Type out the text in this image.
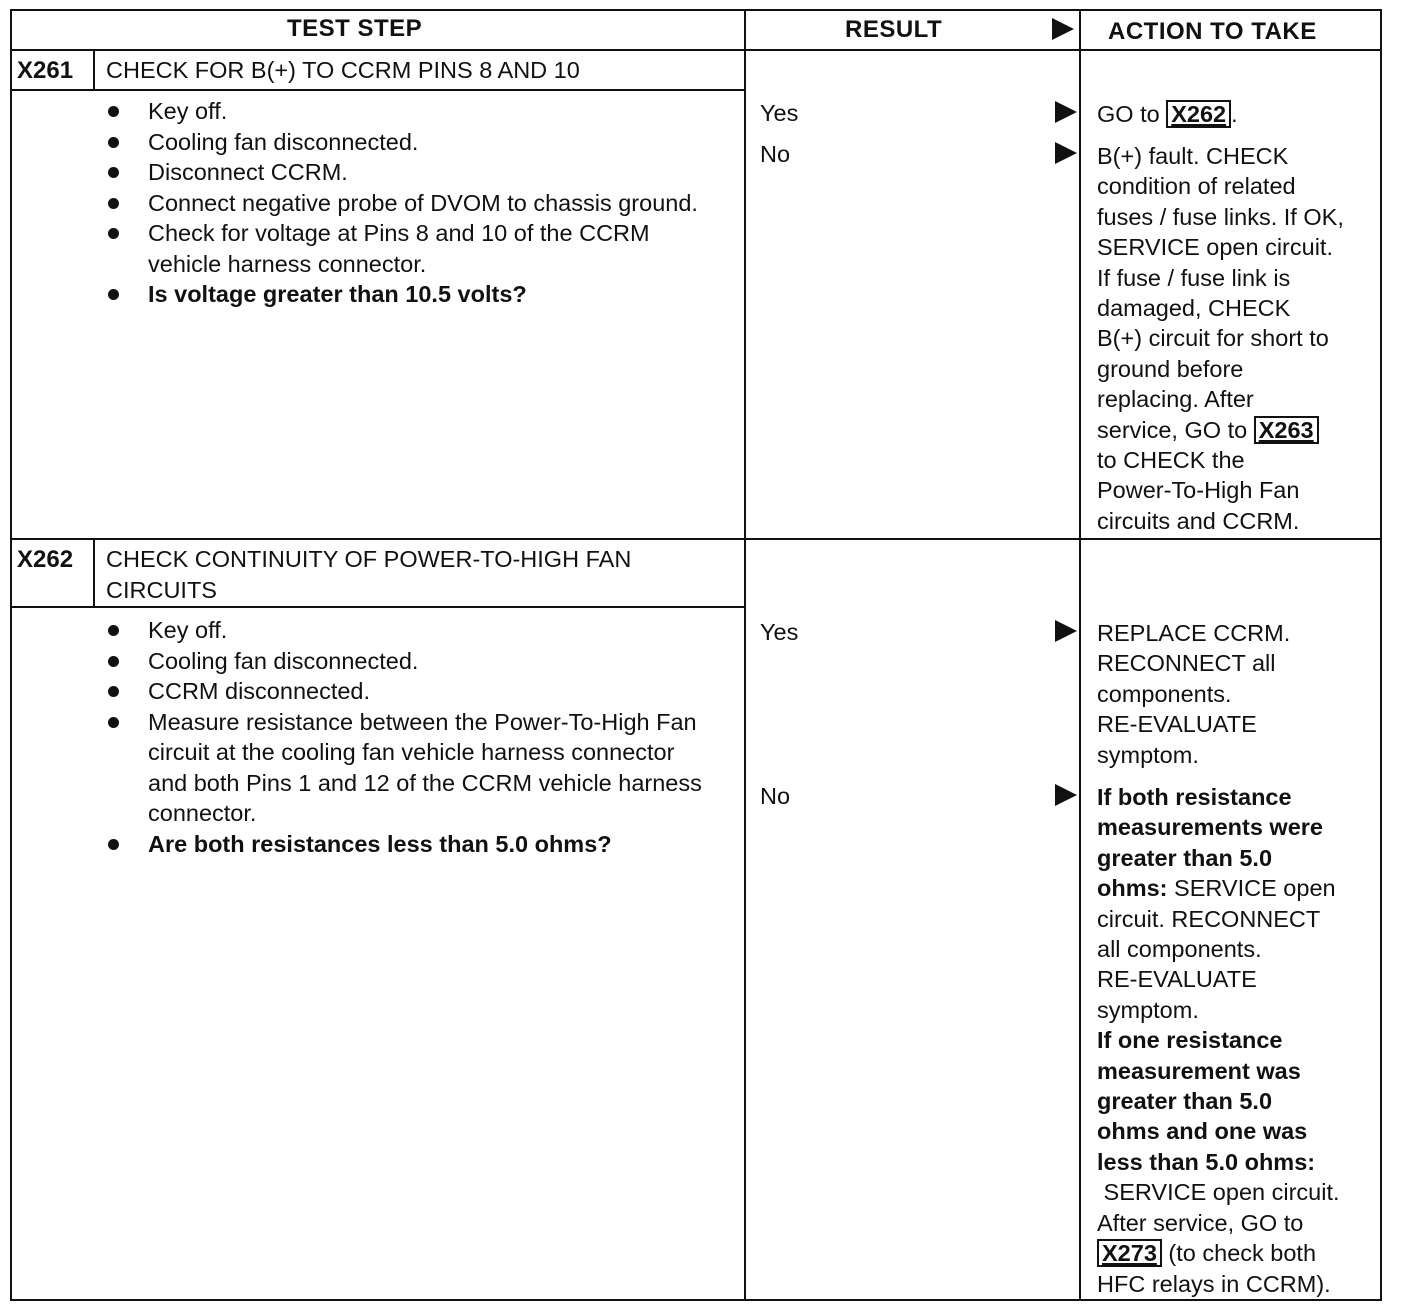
TEST STEP	RESULT	ACTION TO TAKE
X261 CHECK FOR B(+) TO CCRM PINS 8 AND 10
Key off.
Cooling fan disconnected.
Disconnect CCRM.
Connect negative probe of DVOM to chassis ground.
Check for voltage at Pins 8 and 10 of the CCRM vehicle harness connector.
Is voltage greater than 10.5 volts?
Yes
No
GO to X262 .
B(+) fault. CHECK
condition of related
fuses / fuse links. If OK,
SERVICE open circuit.
If fuse / fuse link is
damaged, CHECK
B(+) circuit for short to
ground before
replacing. After
service, GO to X263
to CHECK the
Power-To-High Fan
circuits and CCRM.
X262 CHECK CONTINUITY OF POWER-TO-HIGH FAN
CIRCUITS
Key off.
Cooling fan disconnected.
CCRM disconnected.
Measure resistance between the Power-To-High Fan circuit at the cooling fan vehicle harness connector and both Pins 1 and 12 of the CCRM vehicle harness connector.
Are both resistances less than 5.0 ohms?
Yes
No
REPLACE CCRM.
RECONNECT all
components.
RE-EVALUATE
symptom.
If both resistance
measurements were
greater than 5.0
ohms: SERVICE open
circuit. RECONNECT
all components.
RE-EVALUATE
symptom.
If one resistance
measurement was
greater than 5.0
ohms and one was
less than 5.0 ohms:
SERVICE open circuit.
After service, GO to
X273 (to check both
HFC relays in CCRM).
